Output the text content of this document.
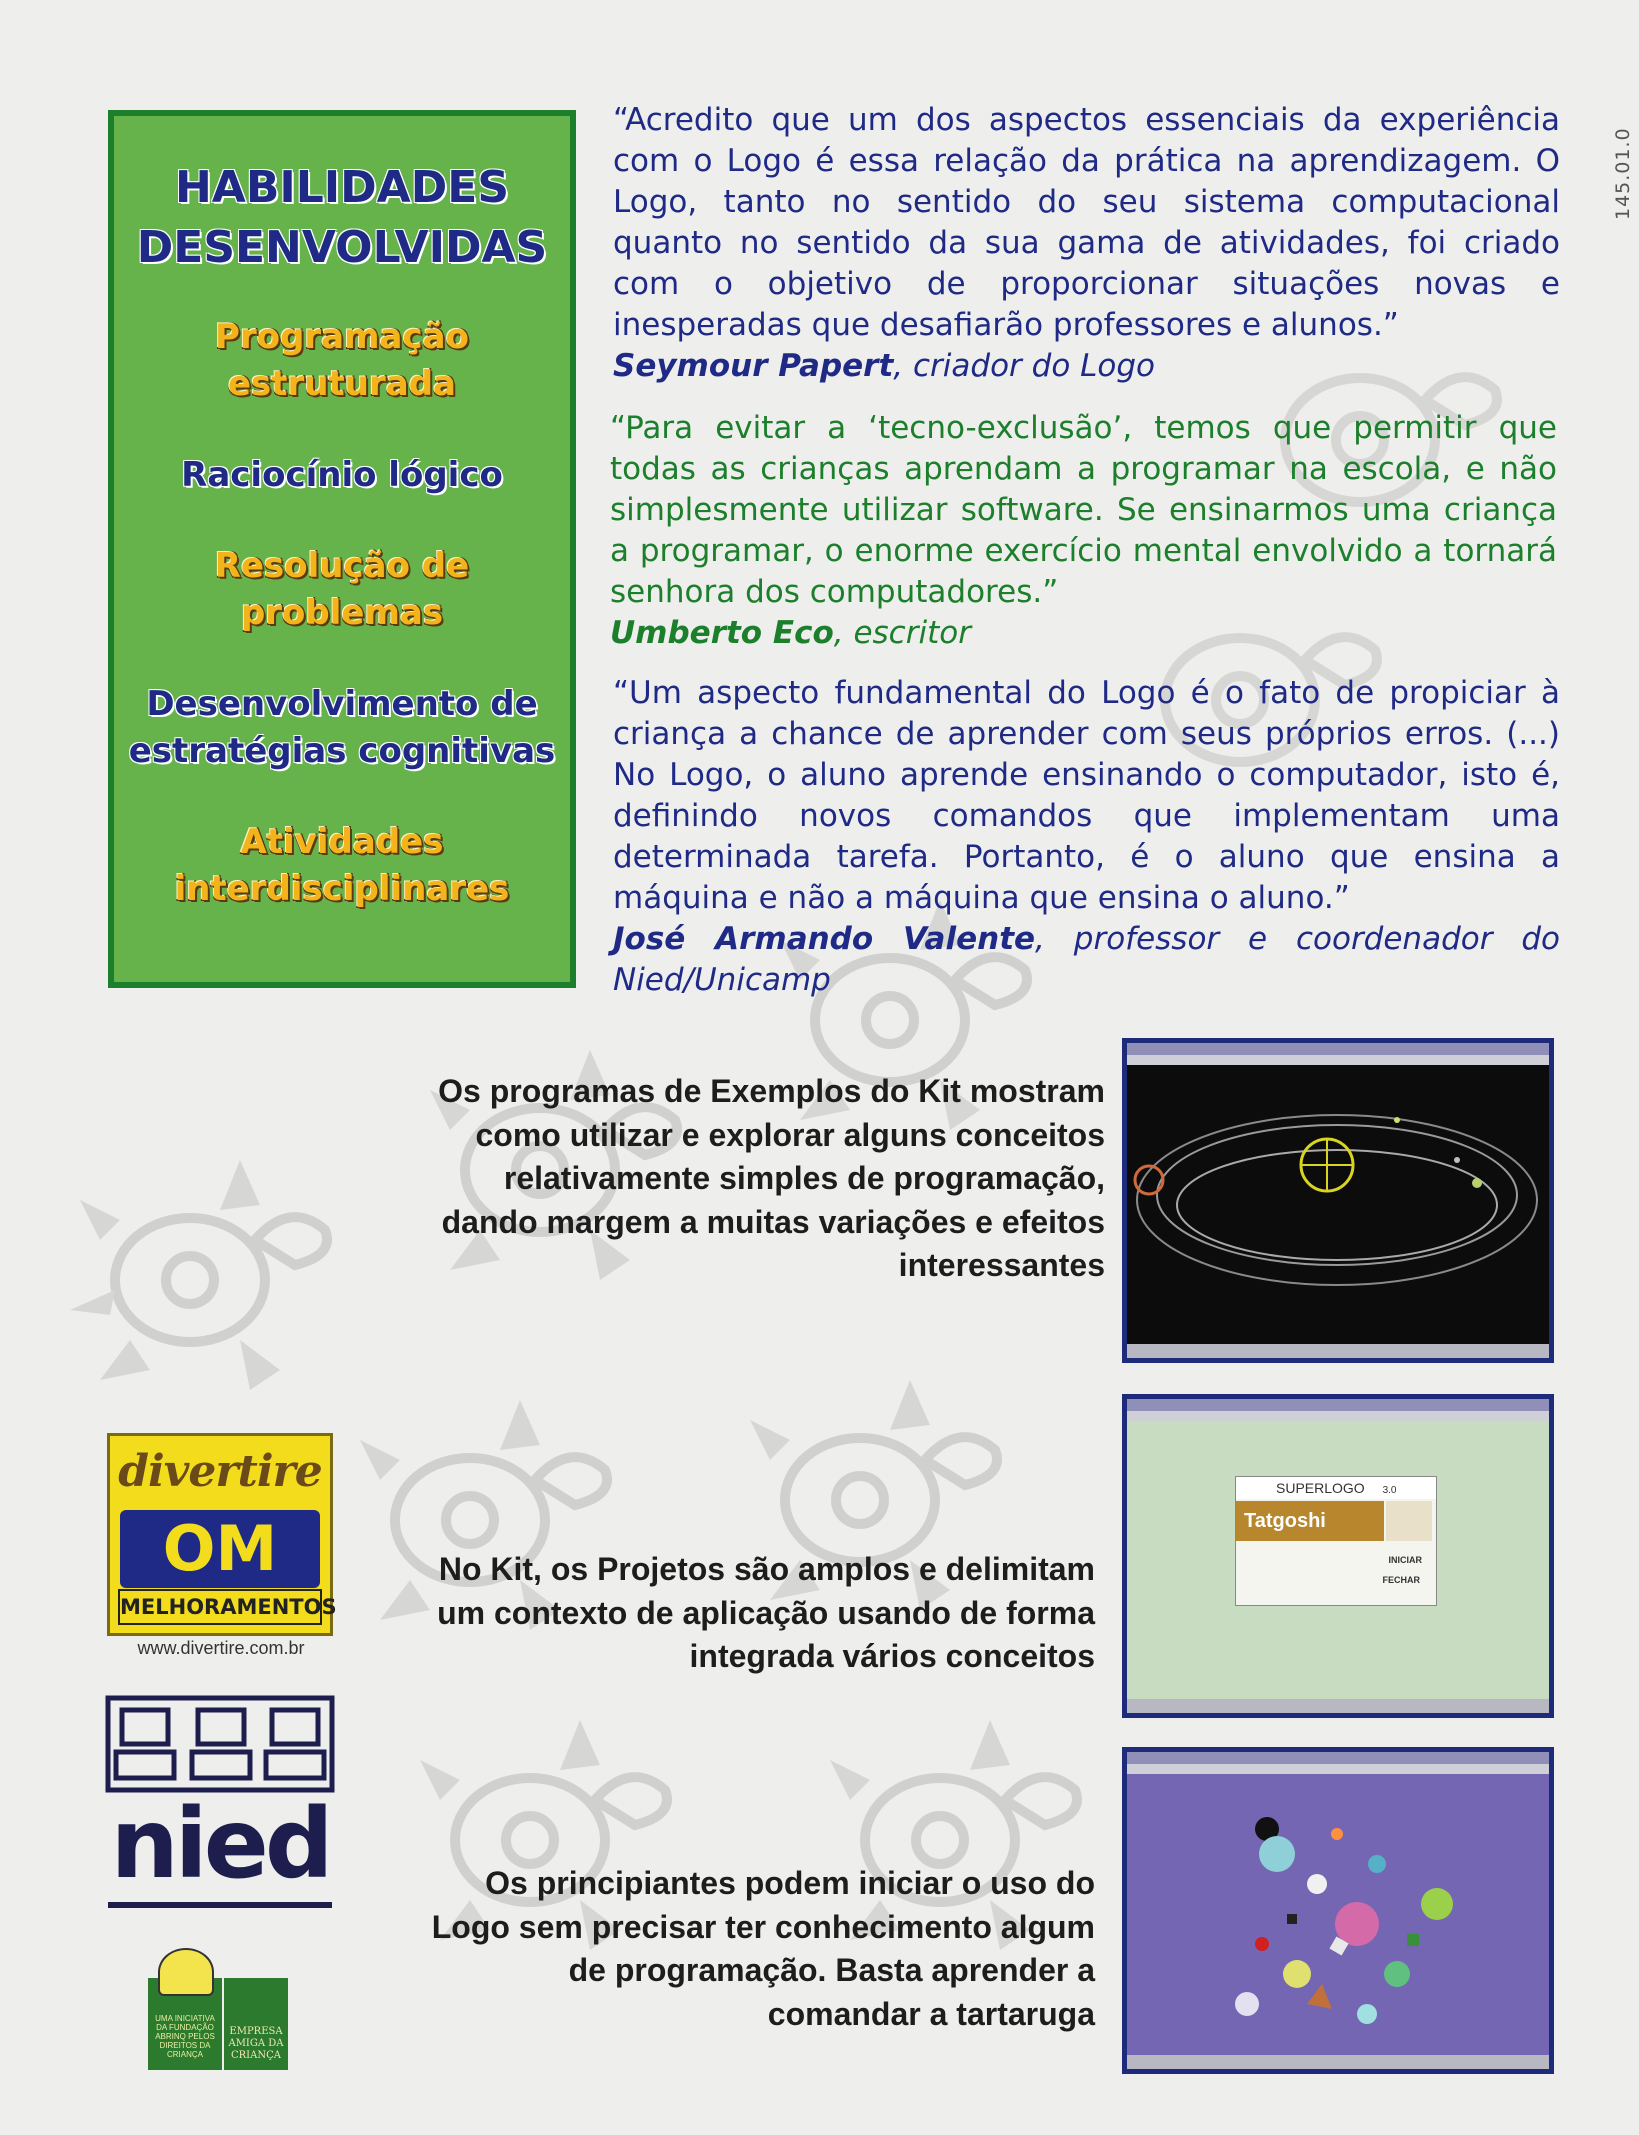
145.01.0
HABILIDADES DESENVOLVIDAS
Programação estruturada
Raciocínio lógico
Resolução de problemas
Desenvolvimento de estratégias cognitivas
Atividades interdisciplinares
“Acredito que um dos aspectos essenciais da experiência com o Logo é essa relação da prática na aprendizagem. O Logo, tanto no sentido do seu sistema computacional quanto no sentido da sua gama de atividades, foi criado com o objetivo de proporcionar situações novas e inesperadas que desafiarão professores e alunos.”
Seymour Papert, criador do Logo
“Para evitar a ‘tecno-exclusão’, temos que permitir que todas as crianças aprendam a programar na escola, e não simplesmente utilizar software. Se ensinarmos uma criança a programar, o enorme exercício mental envolvido a tornará senhora dos computadores.”
Umberto Eco, escritor
“Um aspecto fundamental do Logo é o fato de propiciar à criança a chance de aprender com seus próprios erros. (...) No Logo, o aluno aprende ensinando o computador, isto é, definindo novos comandos que implementam uma determinada tarefa. Portanto, é o aluno que ensina a máquina e não a máquina que ensina o aluno.”
José Armando Valente, professor e coordenador do Nied/Unicamp
Os programas de Exemplos do Kit mostram como utilizar e explorar alguns conceitos relativamente simples de programação, dando margem a muitas variações e efeitos interessantes
No Kit, os Projetos são amplos e delimitam um contexto de aplicação usando de forma integrada vários conceitos
Os principiantes podem iniciar o uso do Logo sem precisar ter conhecimento algum de programação. Basta aprender a comandar a tartaruga
SUPERLOGO 3.0
Tatgoshi
INICIAR
FECHAR
divertire
OM
MELHORAMENTOS
www.divertire.com.br
nied
UMA INICIATIVA DA FUNDAÇÃO ABRINQ PELOS DIREITOS DA CRIANÇA
EMPRESA AMIGA DA CRIANÇA
